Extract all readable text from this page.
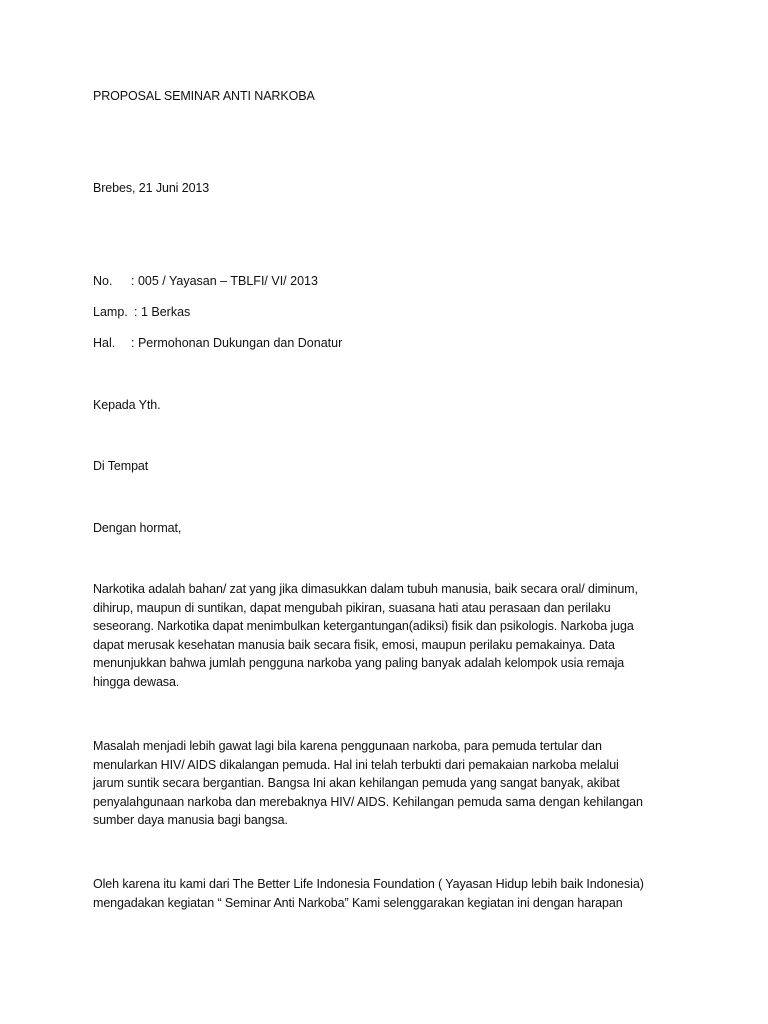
PROPOSAL SEMINAR ANTI NARKOBA
Brebes, 21 Juni 2013
No. : 005 / Yayasan – TBLFI/ VI/ 2013
Lamp. : 1 Berkas
Hal. : Permohonan Dukungan dan Donatur
Kepada Yth.
Di Tempat
Dengan hormat,
Narkotika adalah bahan/ zat yang jika dimasukkan dalam tubuh manusia, baik secara oral/ diminum,
dihirup, maupun di suntikan, dapat mengubah pikiran, suasana hati atau perasaan dan perilaku
seseorang. Narkotika dapat menimbulkan ketergantungan(adiksi) fisik dan psikologis. Narkoba juga
dapat merusak kesehatan manusia baik secara fisik, emosi, maupun perilaku pemakainya. Data
menunjukkan bahwa jumlah pengguna narkoba yang paling banyak adalah kelompok usia remaja
hingga dewasa.
Masalah menjadi lebih gawat lagi bila karena penggunaan narkoba, para pemuda tertular dan
menularkan HIV/ AIDS dikalangan pemuda. Hal ini telah terbukti dari pemakaian narkoba melalui
jarum suntik secara bergantian. Bangsa Ini akan kehilangan pemuda yang sangat banyak, akibat
penyalahgunaan narkoba dan merebaknya HIV/ AIDS. Kehilangan pemuda sama dengan kehilangan
sumber daya manusia bagi bangsa.
Oleh karena itu kami dari The Better Life Indonesia Foundation ( Yayasan Hidup lebih baik Indonesia)
mengadakan kegiatan “ Seminar Anti Narkoba” Kami selenggarakan kegiatan ini dengan harapan
